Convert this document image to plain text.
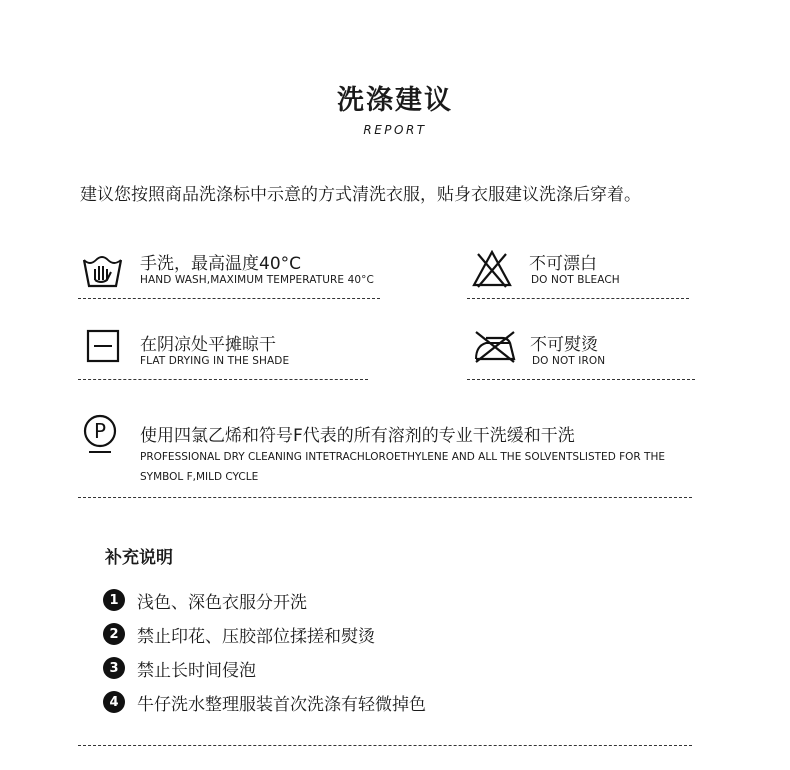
洗涤建议
REPORT
建议您按照商品洗涤标中示意的方式清洗衣服，贴身衣服建议洗涤后穿着。
手洗，最高温度40°C
HAND WASH,MAXIMUM TEMPERATURE 40°C
不可漂白
DO NOT BLEACH
在阴凉处平摊晾干
FLAT DRYING IN THE SHADE
不可熨烫
DO NOT IRON
P 使用四氯乙烯和符号F代表的所有溶剂的专业干洗缓和干洗
PROFESSIONAL DRY CLEANING INTETRACHLOROETHYLENE AND ALL THE SOLVENTSLISTED FOR THE
SYMBOL F,MILD CYCLE
补充说明
1	浅色、深色衣服分开洗
2	禁止印花、压胶部位揉搓和熨烫
3	禁止长时间侵泡
4	牛仔洗水整理服装首次洗涤有轻微掉色
